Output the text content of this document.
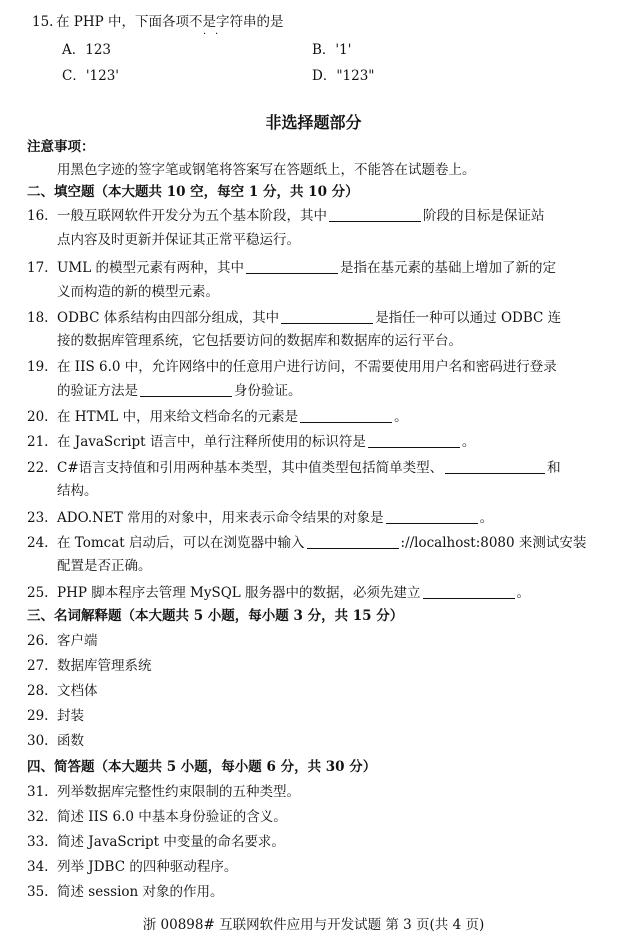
15. 在 PHP 中，下面各项不是字符串的是
· ·
A．123	B．'1'
C．'123'	D．"123"
非选择题部分
注意事项：
用黑色字迹的签字笔或钢笔将答案写在答题纸上，不能答在试题卷上。
二、填空题（本大题共 10 空，每空 1 分，共 10 分）
16. 一般互联网软件开发分为五个基本阶段，其中	阶段的目标是保证站
点内容及时更新并保证其正常平稳运行。
17. UML 的模型元素有两种，其中	是指在基元素的基础上增加了新的定
义而构造的新的模型元素。
18. ODBC 体系结构由四部分组成，其中	是指任一种可以通过 ODBC 连
接的数据库管理系统，它包括要访问的数据库和数据库的运行平台。
19. 在 IIS 6.0 中，允许网络中的任意用户进行访问，不需要使用用户名和密码进行登录
的验证方法是	身份验证。
20. 在 HTML 中，用来给文档命名的元素是	。
21. 在 JavaScript 语言中，单行注释所使用的标识符是	。
22. C#语言支持值和引用两种基本类型，其中值类型包括简单类型、	和
结构。
23. ADO.NET 常用的对象中，用来表示命令结果的对象是	。
24. 在 Tomcat 启动后，可以在浏览器中输入	://localhost:8080 来测试安装
配置是否正确。
25. PHP 脚本程序去管理 MySQL 服务器中的数据，必须先建立	。
三、名词解释题（本大题共 5 小题，每小题 3 分，共 15 分）
26. 客户端
27. 数据库管理系统
28. 文档体
29. 封装
30. 函数
四、简答题（本大题共 5 小题，每小题 6 分，共 30 分）
31. 列举数据库完整性约束限制的五种类型。
32. 简述 IIS 6.0 中基本身份验证的含义。
33. 简述 JavaScript 中变量的命名要求。
34. 列举 JDBC 的四种驱动程序。
35. 简述 session 对象的作用。
浙 00898# 互联网软件应用与开发试题 第 3 页(共 4 页)
